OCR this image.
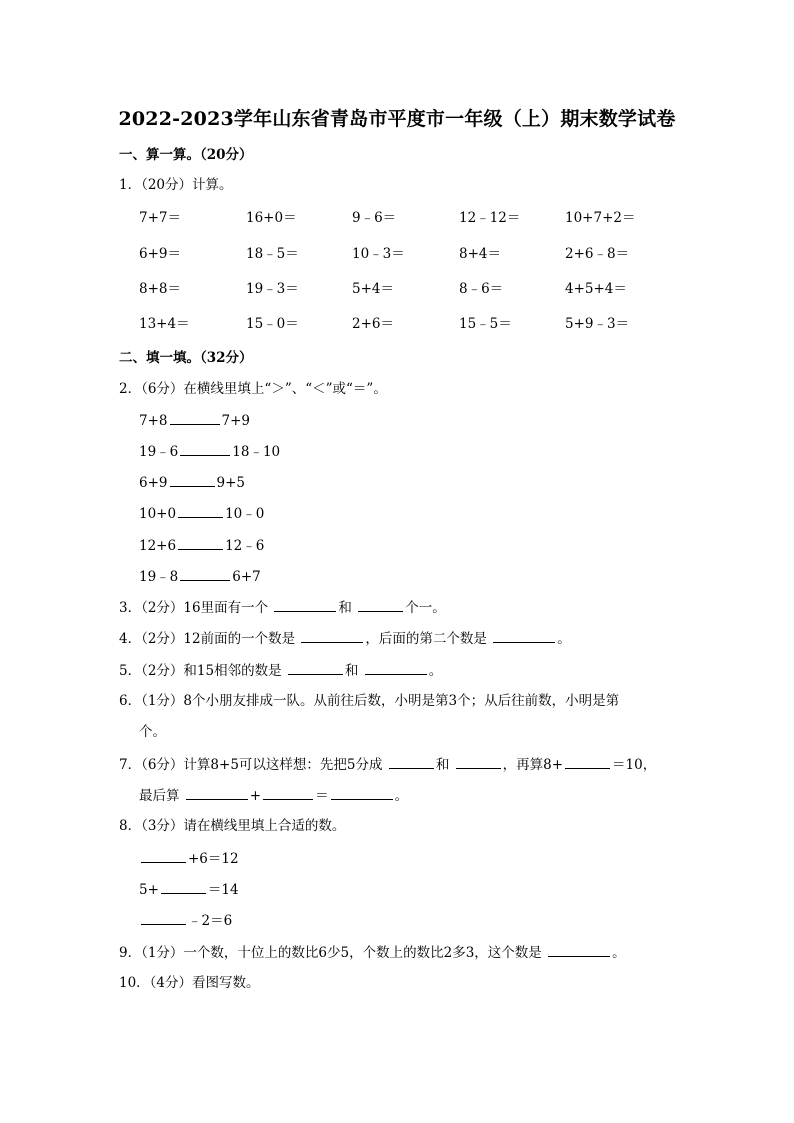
2022-2023学年山东省青岛市平度市一年级（上）期末数学试卷
一、算一算。（20分）
1．（20分）计算。
7+7＝	16+0＝	9﹣6＝	12﹣12＝	10+7+2＝
6+9＝	18﹣5＝	10﹣3＝	8+4＝	2+6﹣8＝
8+8＝	19﹣3＝	5+4＝	8﹣6＝	4+5+4＝
13+4＝	15﹣0＝	2+6＝	15﹣5＝	5+9﹣3＝
二、填一填。（32分）
2．（6分）在横线里填上“＞”、“＜”或“＝”。
7+8	7+9
19﹣6	18﹣10
6+9	9+5
10+0	10﹣0
12+6	12﹣6
19﹣8	6+7
3．（2分）16里面有一个	和	个一。
4．（2分）12前面的一个数是	，后面的第二个数是	。
5．（2分）和15相邻的数是	和	。
6．（1分）8个小朋友排成一队。从前往后数，小明是第3个；从后往前数，小明是第
个。
7．（6分）计算8+5可以这样想：先把5分成	和	，再算8+	＝10，
最后算	+	＝	。
8．（3分）请在横线里填上合适的数。
+6＝12
5+	＝14
﹣2＝6
9．（1分）一个数，十位上的数比6少5，个数上的数比2多3，这个数是	。
10．（4分）看图写数。
